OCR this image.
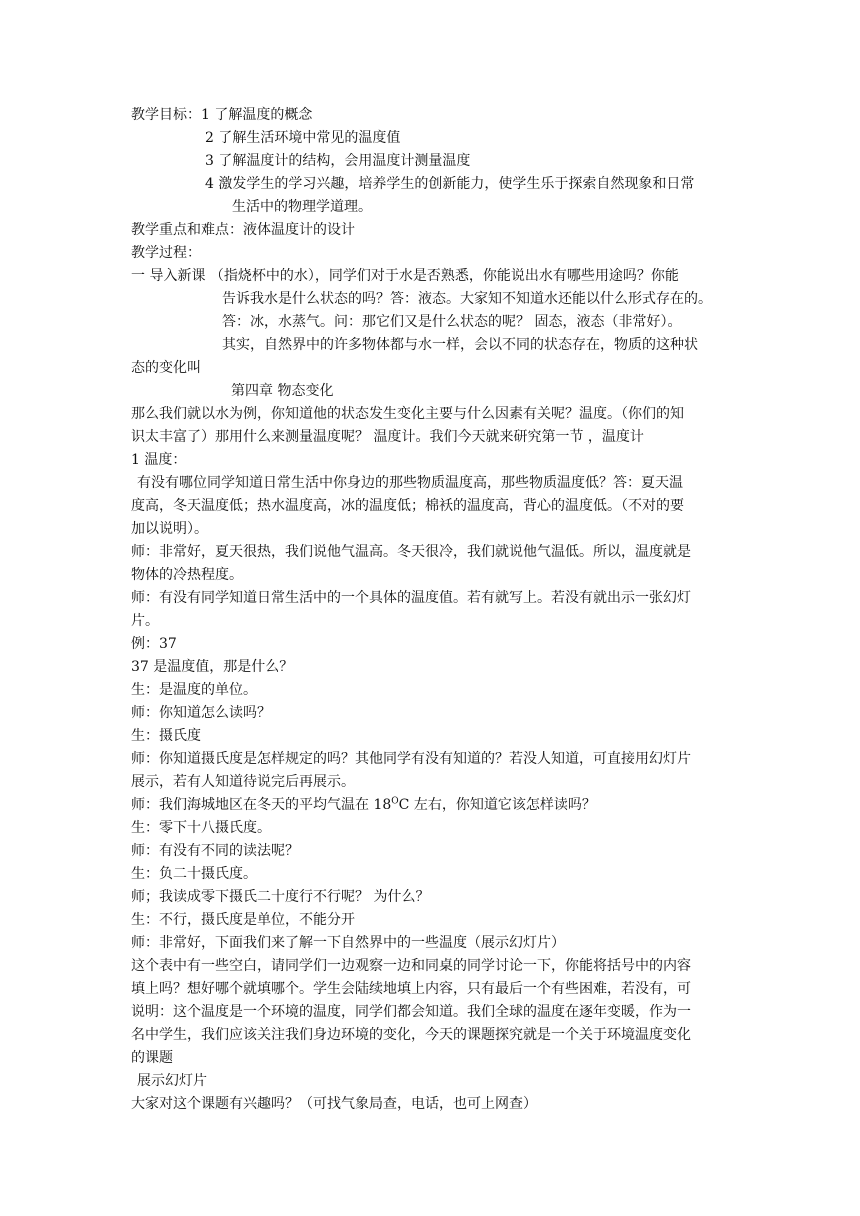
教学目标：1 了解温度的概念
2 了解生活环境中常见的温度值
3 了解温度计的结构，会用温度计测量温度
4 激发学生的学习兴趣，培养学生的创新能力，使学生乐于探索自然现象和日常
生活中的物理学道理。
教学重点和难点：液体温度计的设计
教学过程：
一 导入新课 （指烧杯中的水），同学们对于水是否熟悉，你能说出水有哪些用途吗？你能
告诉我水是什么状态的吗？答：液态。大家知不知道水还能以什么形式存在的。
答：冰，水蒸气。问：那它们又是什么状态的呢？ 固态，液态（非常好）。
其实，自然界中的许多物体都与水一样，会以不同的状态存在，物质的这种状
态的变化叫
第四章 物态变化
那么我们就以水为例，你知道他的状态发生变化主要与什么因素有关呢？温度。（你们的知
识太丰富了）那用什么来测量温度呢？ 温度计。我们今天就来研究第一节 ，温度计
1 温度：
有没有哪位同学知道日常生活中你身边的那些物质温度高，那些物质温度低？答：夏天温
度高，冬天温度低；热水温度高，冰的温度低；棉袄的温度高，背心的温度低。（不对的要
加以说明）。
师：非常好，夏天很热，我们说他气温高。冬天很冷，我们就说他气温低。所以，温度就是
物体的冷热程度。
师：有没有同学知道日常生活中的一个具体的温度值。若有就写上。若没有就出示一张幻灯
片。
例：37
37 是温度值，那是什么？
生：是温度的单位。
师：你知道怎么读吗？
生：摄氏度
师：你知道摄氏度是怎样规定的吗？其他同学有没有知道的？若没人知道，可直接用幻灯片
展示，若有人知道待说完后再展示。
师：我们海城地区在冬天的平均气温在 $18^OC$ 左右，你知道它该怎样读吗？
生：零下十八摄氏度。
师：有没有不同的读法呢？
生：负二十摄氏度。
师；我读成零下摄氏二十度行不行呢？ 为什么？
生：不行，摄氏度是单位，不能分开
师：非常好，下面我们来了解一下自然界中的一些温度（展示幻灯片）
这个表中有一些空白，请同学们一边观察一边和同桌的同学讨论一下，你能将括号中的内容
填上吗？想好哪个就填哪个。学生会陆续地填上内容，只有最后一个有些困难，若没有，可
说明：这个温度是一个环境的温度，同学们都会知道。我们全球的温度在逐年变暖，作为一
名中学生，我们应该关注我们身边环境的变化，今天的课题探究就是一个关于环境温度变化
的课题
展示幻灯片
大家对这个课题有兴趣吗？（可找气象局查，电话，也可上网查）
